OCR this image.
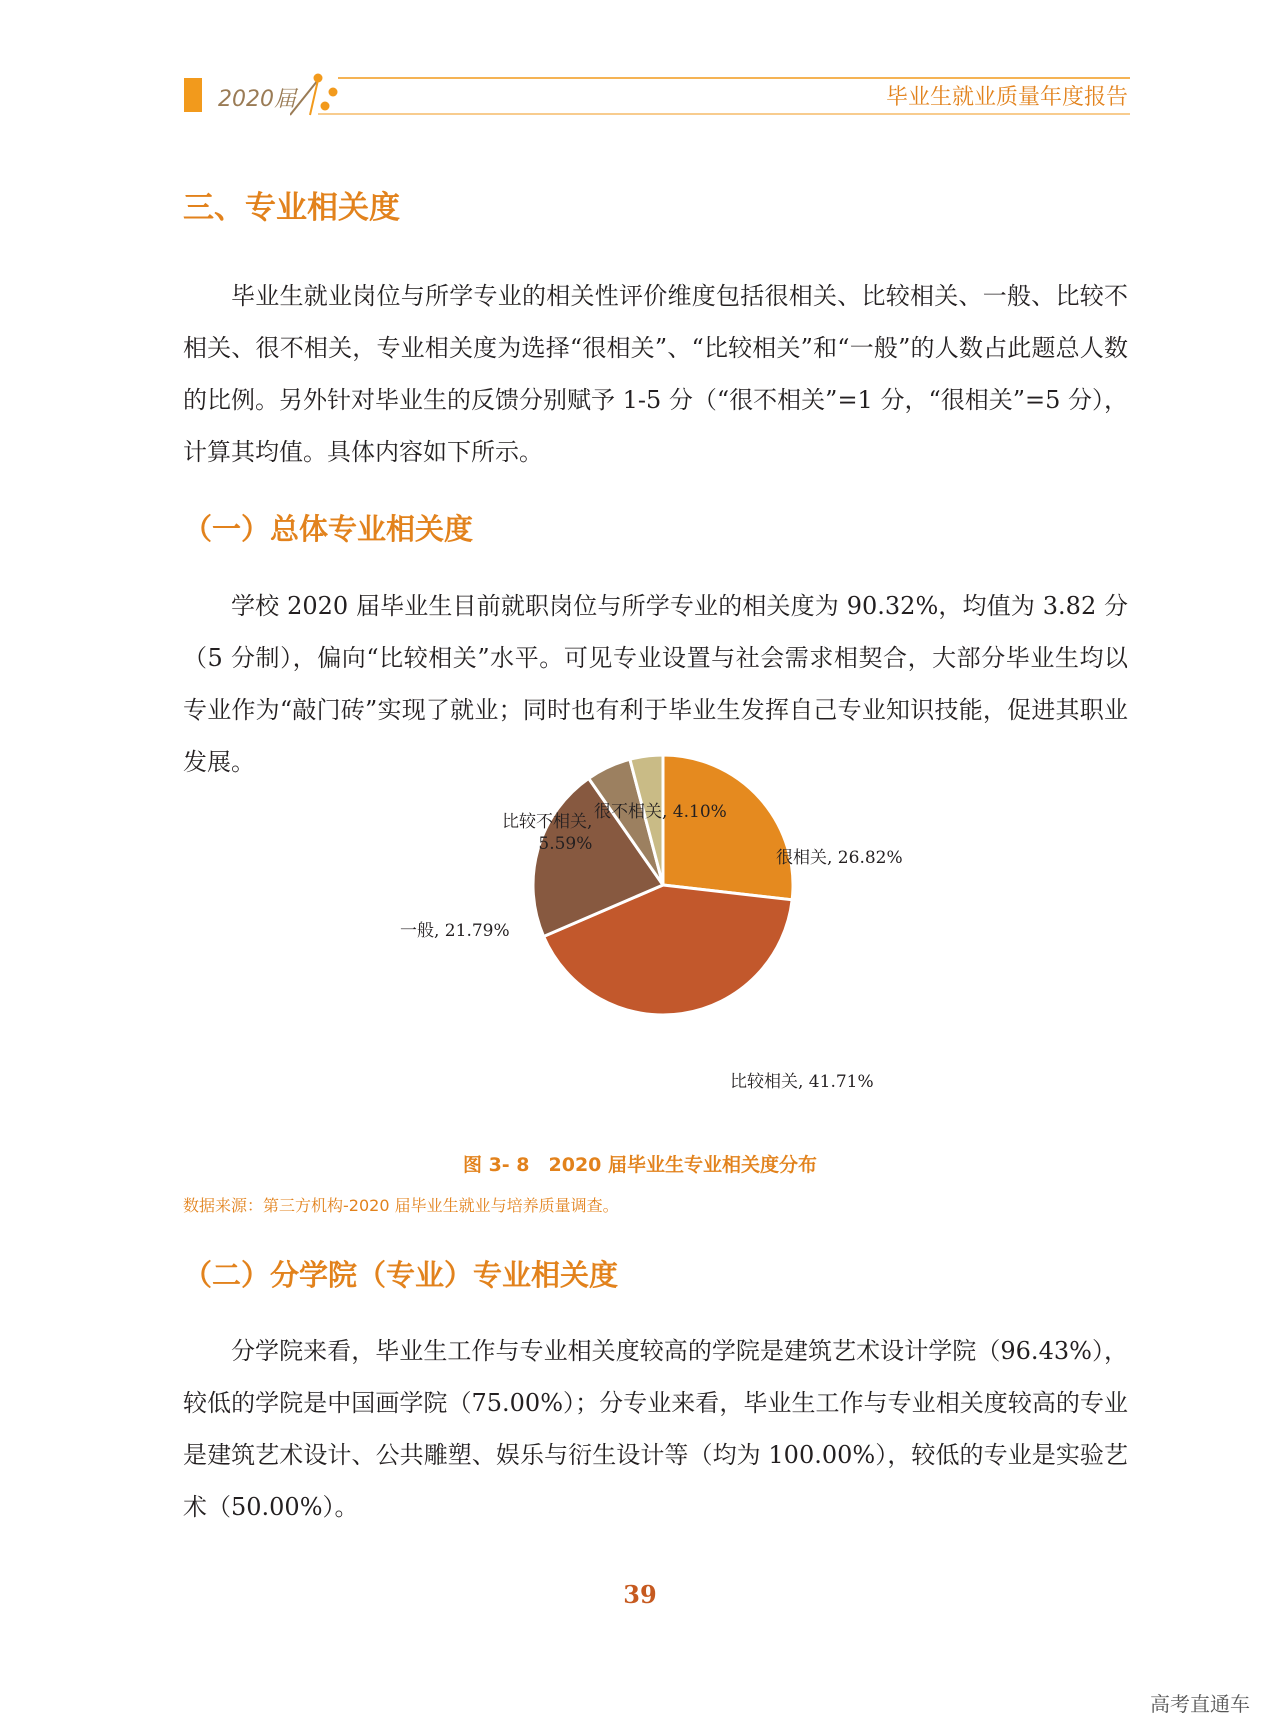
2020届	毕业生就业质量年度报告
三、专业相关度

毕业生就业岗位与所学专业的相关性评价维度包括很相关、比较相关、一般、比较不相关、很不相关，专业相关度为选择“很相关”、“比较相关”和“一般”的人数占此题总人数的比例。另外针对毕业生的反馈分别赋予 1-5 分（“很不相关”=1 分，“很相关”=5 分），计算其均值。具体内容如下所示。

（一）总体专业相关度

学校 2020 届毕业生目前就职岗位与所学专业的相关度为 90.32%，均值为 3.82 分（5 分制），偏向“比较相关”水平。可见专业设置与社会需求相契合，大部分毕业生均以专业作为“敲门砖”实现了就业；同时也有利于毕业生发挥自己专业知识技能，促进其职业发展。

很相关, 26.82%
比较相关, 41.71%
一般, 21.79%
比较不相关,
5.59%
很不相关, 4.10%
图 3- 8　2020 届毕业生专业相关度分布
数据来源：第三方机构-2020 届毕业生就业与培养质量调查。
（二）分学院（专业）专业相关度

分学院来看，毕业生工作与专业相关度较高的学院是建筑艺术设计学院（96.43%），较低的学院是中国画学院（75.00%）；分专业来看，毕业生工作与专业相关度较高的专业是建筑艺术设计、公共雕塑、娱乐与衍生设计等（均为 100.00%），较低的专业是实验艺术（50.00%）。

39
高考直通车
